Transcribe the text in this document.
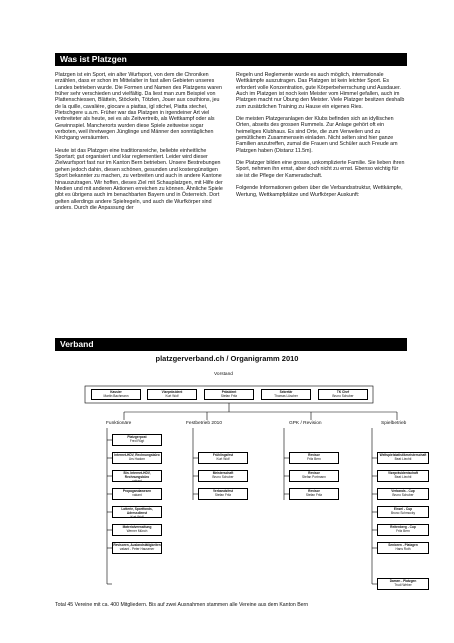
Was ist Platzgen

Platzgen ist ein Sport, ein alter Wurfsport, von dem die Chroniken erzählen, dass er schon im Mittelalter in fast allen Gebieten unseres Landes betrieben wurde. Die Formen und Namen des Platzgens waren früher sehr verschieden und vielfältig. Da liest man zum Beispiel von Plattenschiessen, Blättein, Stöckeln, Tötzlen, Jouer aux couthions, jeu de la quille, cavalière, giocare a piattas, igl stichel, Piatta stechei, Pietschgere u.a.m. Früher war das Platzgen in irgendeiner Art viel verbreiteter als heute, sei es als Zeitvertreib, als Wettkampf oder als Gewinnspiel. Mancherorts wurden diese Spiele zeitweise sogar verboten, weil ihretwegen Jünglinge und Männer den sonntäglichen Kirchgang versäumten.

Heute ist das Platzgen eine traditionsreiche, beliebte einheitliche Sportart; gut organisiert und klar reglementiert. Leider wird dieser Zielwurfsport fast nur im Kanton Bern betrieben. Unsere Bestrebungen gehen jedoch dahin, diesen schönen, gesunden und kostengünstigen Sport bekannter zu machen, zu verbreiten und auch in andere Kantone hinauszutragen. Wir hoffen, dieses Ziel mit Schauplatzgen, mit Hilfe der Medien und mit anderen Aktionen erreichen zu können. Ähnliche Spiele gibt es übrigens auch im benachbarten Bayern und in Österreich. Dort gelten allerdings andere Spielregeln, und auch die Wurfkörper sind anders. Durch die Anpassung der

Regeln und Reglemente wurde es auch möglich, internationale Wettkämpfe auszutragen. Das Platzgen ist kein leichter Sport. Es erfordert volle Konzentration, gute Körperbeherrschung und Ausdauer. Auch im Platzgen ist noch kein Meister vom Himmel gefallen, auch im Platzgen macht nur Übung den Meister. Viele Platzger besitzen deshalb zum zusätzlichen Training zu Hause ein eigenes Ries.

Die meisten Platzgeranlagen der Klubs befinden sich an idyllischen Orten, abseits des grossen Rummels. Zur Anlage gehört oft ein heimeliges Klubhaus. Es sind Orte, die zum Verweilen und zu gemütlichem Zusammensein einladen. Nicht selten sind hier ganze Familien anzutreffen, zumal die Frauen und Schüler auch Freude am Platzgen haben (Distanz 11.5m).

Die Platzger bilden eine grosse, unkomplizierte Familie. Sie lieben ihren Sport, nehmen ihn ernst, aber doch nicht zu ernst. Ebenso wichtig für sie ist die Pflege der Kameradschaft.

Folgende Informationen geben über die Verbandsstruktur, Wettkämpfe, Wertung, Wettkampfplätze und Wurfkörper Auskunft:

Verband
platzgerverband.ch / Organigramm 2010
Vorstand
Kassier
Martin Bachmann
Vizepräsident
Kurt Wolf
Präsident
Stefan Fritz
Sekretär
Thomas Lüscher
TK Chef
Bruno Schuber
Funktionäre	Festbetrieb 2010	GPK / Revision	Spielbetrieb
Platzgerpost
Fred Rügt
Internet-HDV, Rechnungsbüro
Urs Hadorn
Bin. Internet-HDV, Rechnungsbüro
vakant
Propagandawesen
vakant
Lotterie, Sportfonds, Adressdienst
Kurt Wolf
Materialverwaltung
Werner Münch
Revisoren, Auslandstätigkeiten
vakant - Peter Hausener
Frühlingsfest
Kurt Wolf
Meisterschaft
Bruno Schuber
Verbandsfest
Stefan Fritz
Revisor
Fritz Bern
Revisor
Stefan Portmann
Revisor
Stefan Fritz
Weltspielstatistikmeisterschaft
Beat Liechti
Vizepräsidentschaft
Beat Liechti
Verbands - Cup
Bruno Schuber
Einzel - Cup
Bruno Schmocky
Reitenberg - Cup
Fritz Bern
Senioren - Platzgen
Hans Roth
Damen - Platzgen
Trudi Weber
Total 45 Vereine mit ca. 400 Mitgliedern. Bis auf zwei Ausnahmen stammen alle Vereine aus dem Kanton Bern
